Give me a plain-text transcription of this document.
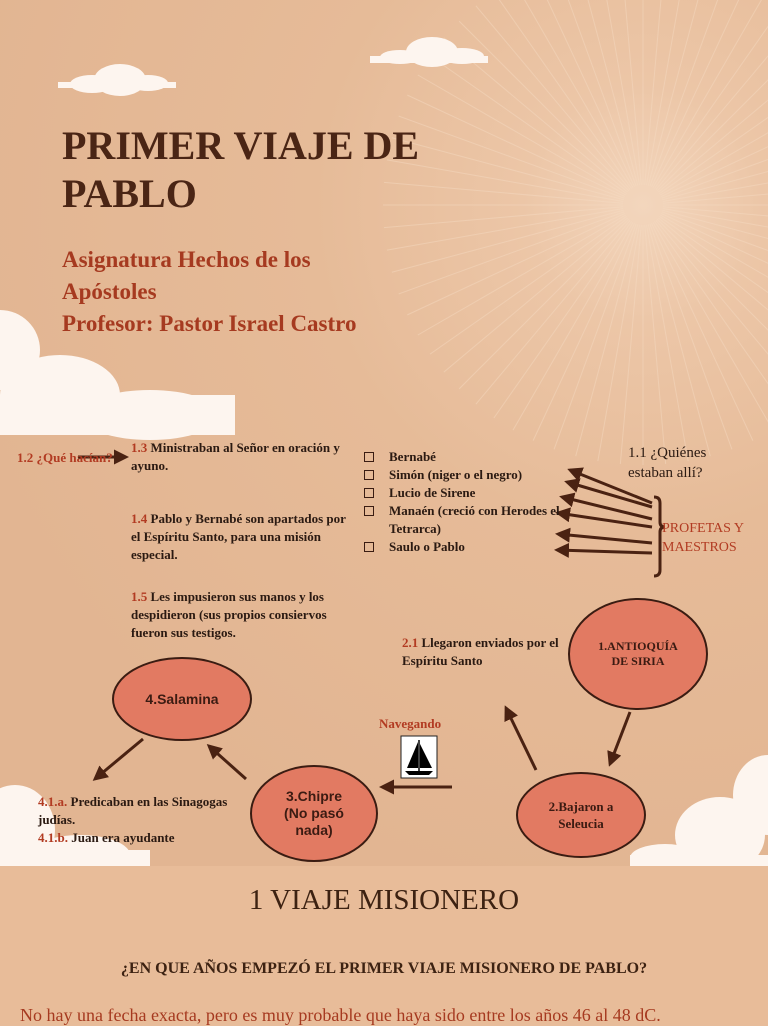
PRIMER VIAJE DE
PABLO
Asignatura Hechos de los
Apóstoles
Profesor: Pastor Israel Castro
1.2 ¿Qué hacían?
1.3 Ministraban al Señor en oración y ayuno.
1.4 Pablo y Bernabé son apartados por el Espíritu Santo, para una misión especial.
1.5 Les impusieron sus manos y los despidieron (sus propios consiervos fueron sus testigos.
Bernabé
Simón (niger o el negro)
Lucio de Sirene
Manaén (creció con Herodes el Tetrarca)
Saulo o Pablo
1.1 ¿Quiénes estaban allí?
PROFETAS Y MAESTROS
1.ANTIOQUÍA DE SIRIA
2.Bajaron a Seleucia
3.Chipre (No pasó nada)
4.Salamina
2.1 Llegaron enviados por el Espíritu Santo
Navegando
4.1.a. Predicaban en las Sinagogas judías.
4.1.b. Juan era ayudante
1 VIAJE MISIONERO
¿EN QUE AÑOS EMPEZÓ EL PRIMER VIAJE MISIONERO DE PABLO?
No hay una fecha exacta, pero es muy probable que haya sido entre los años 46 al 48 dC.
